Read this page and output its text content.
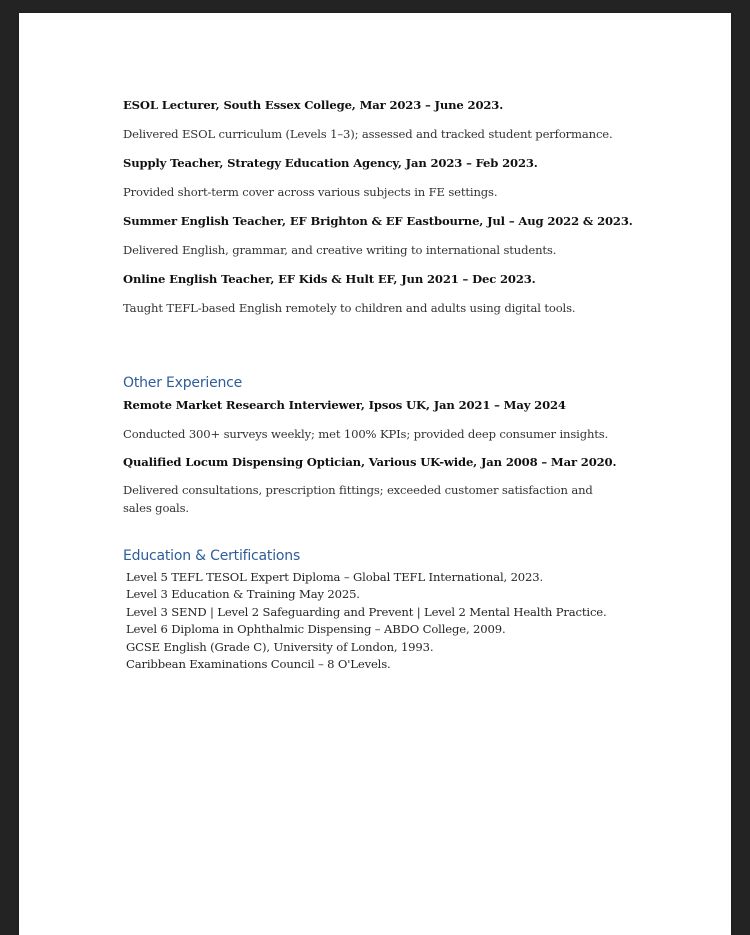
ESOL Lecturer, South Essex College, Mar 2023 – June 2023.

Delivered ESOL curriculum (Levels 1–3); assessed and tracked student performance.

Supply Teacher, Strategy Education Agency, Jan 2023 – Feb 2023.

Provided short-term cover across various subjects in FE settings.

Summer English Teacher, EF Brighton & EF Eastbourne, Jul – Aug 2022 & 2023.

Delivered English, grammar, and creative writing to international students.

Online English Teacher, EF Kids & Hult EF, Jun 2021 – Dec 2023.

Taught TEFL-based English remotely to children and adults using digital tools.

Other Experience

Remote Market Research Interviewer, Ipsos UK, Jan 2021 – May 2024

Conducted 300+ surveys weekly; met 100% KPIs; provided deep consumer insights.

Qualified Locum Dispensing Optician, Various UK-wide, Jan 2008 – Mar 2020.

Delivered consultations, prescription fittings; exceeded customer satisfaction and sales goals.

Education & Certifications
Level 5 TEFL TESOL Expert Diploma – Global TEFL International, 2023.
Level 3 Education & Training May 2025.
Level 3 SEND | Level 2 Safeguarding and Prevent | Level 2 Mental Health Practice.
Level 6 Diploma in Ophthalmic Dispensing – ABDO College, 2009.
GCSE English (Grade C), University of London, 1993.
Caribbean Examinations Council – 8 O'Levels.
